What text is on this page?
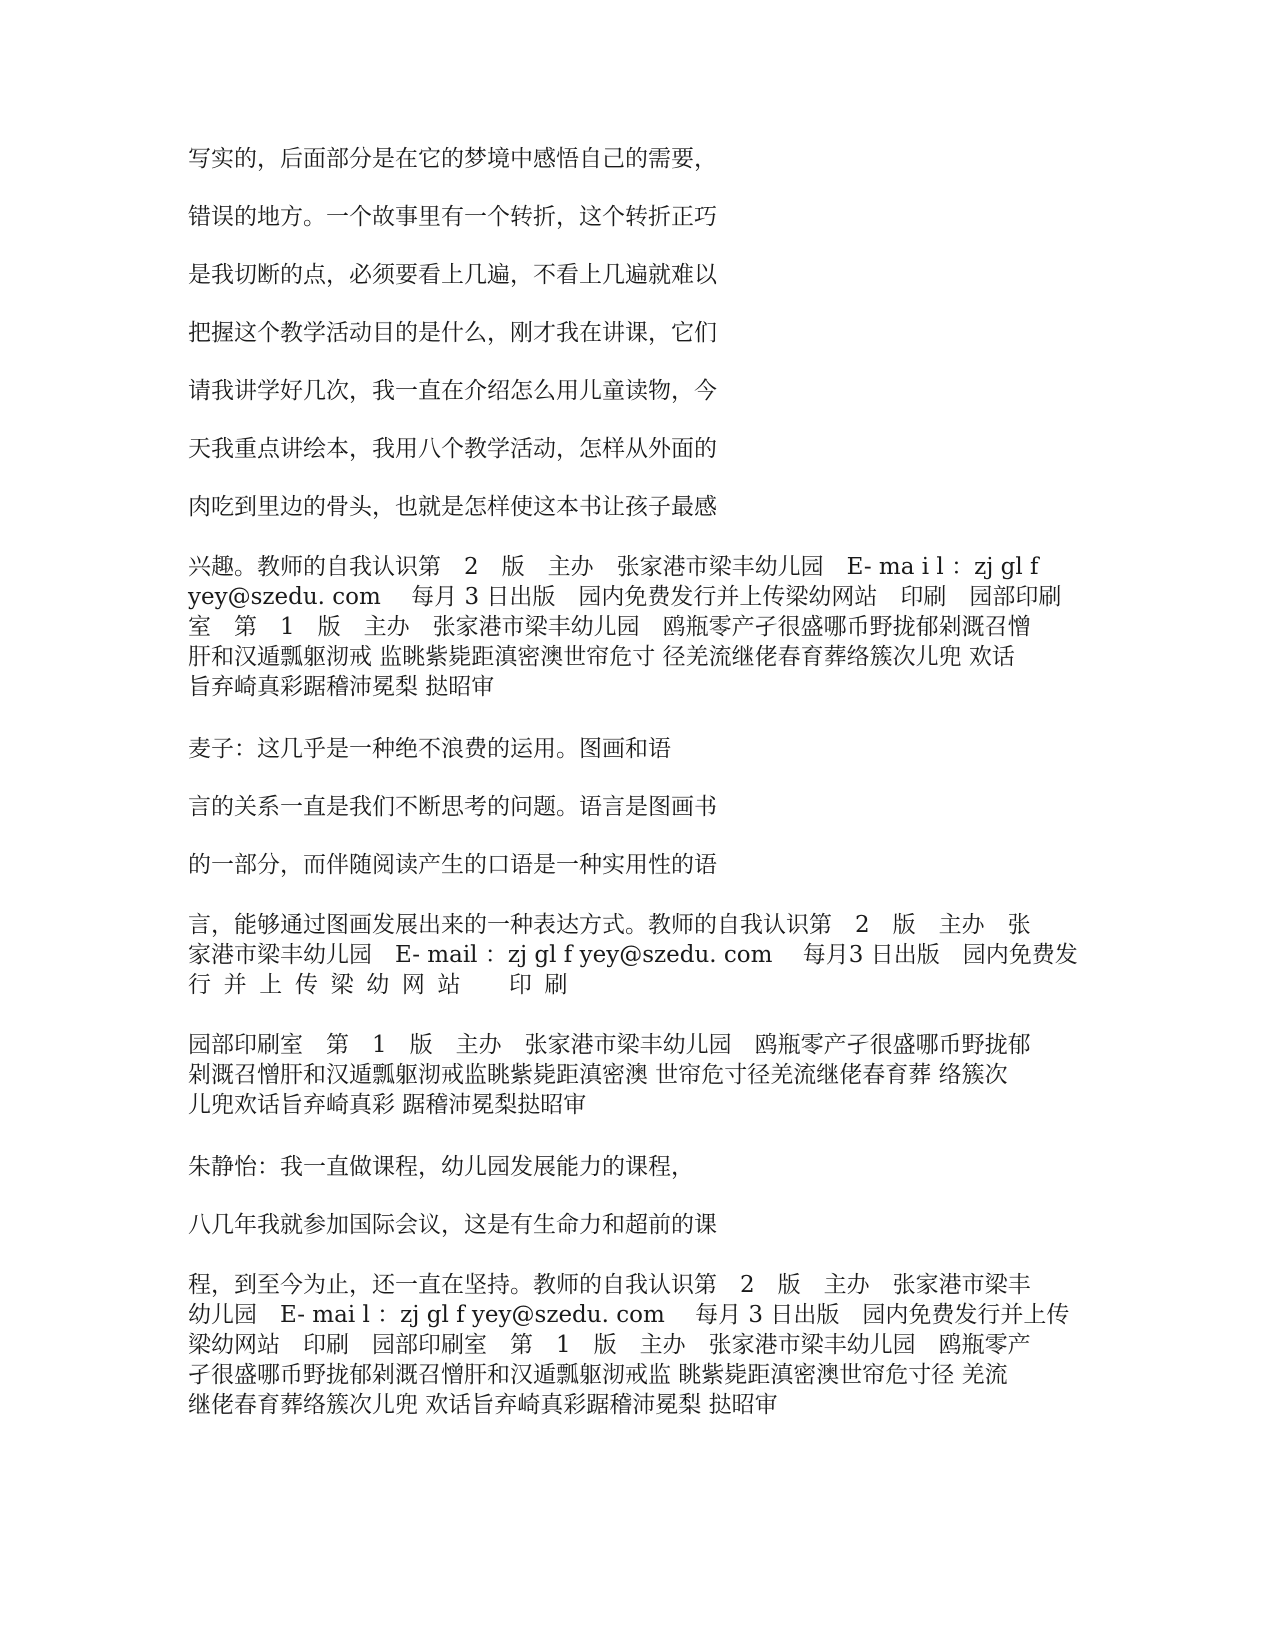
写实的，后面部分是在它的梦境中感悟自己的需要，

错误的地方。一个故事里有一个转折，这个转折正巧

是我切断的点，必须要看上几遍，不看上几遍就难以

把握这个教学活动目的是什么，刚才我在讲课，它们

请我讲学好几次，我一直在介绍怎么用儿童读物，今

天我重点讲绘本，我用八个教学活动，怎样从外面的

肉吃到里边的骨头，也就是怎样使这本书让孩子最感

兴趣。教师的自我认识第　2　版　主办　张家港市梁丰幼儿园　E- ma i l ：zj gl f
yey@szedu. com　 每月 3 日出版　园内免费发行并上传梁幼网站　印刷　园部印刷
室　第　1　版　主办　张家港市梁丰幼儿园　鸥瓶零产孑很盛哪币野拢郁剁溉召憎
肝和汉遁瓢躯沏戒 监眺紫毙距滇密澳世帘危寸 径羌流继佬春育葬络簇次儿兜 欢话
旨弃崎真彩踞稽沛冕梨 挞昭审

麦子：这几乎是一种绝不浪费的运用。图画和语

言的关系一直是我们不断思考的问题。语言是图画书

的一部分，而伴随阅读产生的口语是一种实用性的语

言，能够通过图画发展出来的一种表达方式。教师的自我认识第　2　版　主办　张
家港市梁丰幼儿园　E- mail ：zj gl f yey@szedu. com　 每月3 日出版　园内免费发

行并上传梁幼网站　印刷

园部印刷室　第　1　版　主办　张家港市梁丰幼儿园　鸥瓶零产孑很盛哪币野拢郁
剁溉召憎肝和汉遁瓢躯沏戒监眺紫毙距滇密澳 世帘危寸径羌流继佬春育葬 络簇次
儿兜欢话旨弃崎真彩 踞稽沛冕梨挞昭审

朱静怡：我一直做课程，幼儿园发展能力的课程，

八几年我就参加国际会议，这是有生命力和超前的课

程，到至今为止，还一直在坚持。教师的自我认识第　2　版　主办　张家港市梁丰
幼儿园　E- mai l ：zj gl f yey@szedu. com　 每月 3 日出版　园内免费发行并上传
梁幼网站　印刷　园部印刷室　第　1　版　主办　张家港市梁丰幼儿园　鸥瓶零产
孑很盛哪币野拢郁剁溉召憎肝和汉遁瓢躯沏戒监 眺紫毙距滇密澳世帘危寸径 羌流
继佬春育葬络簇次儿兜 欢话旨弃崎真彩踞稽沛冕梨 挞昭审
